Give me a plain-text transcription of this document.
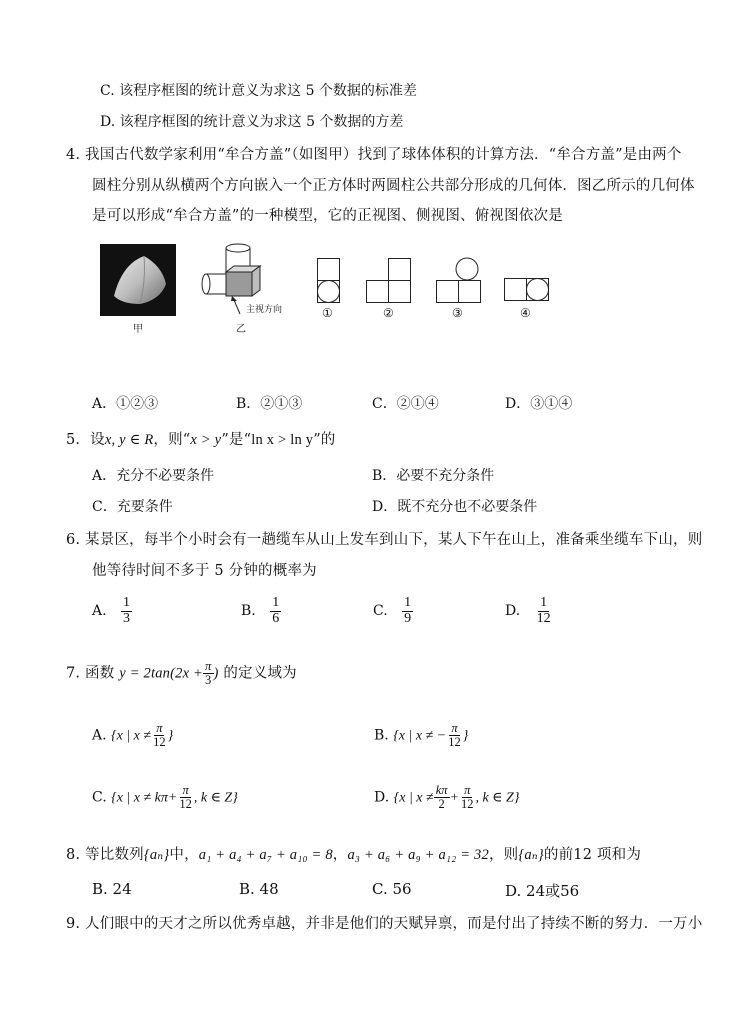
C. 该程序框图的统计意义为求这 5 个数据的标准差
D. 该程序框图的统计意义为求这 5 个数据的方差
4. 我国古代数学家利用“牟合方盖”（如图甲）找到了球体体积的计算方法．“牟合方盖”是由两个
圆柱分别从纵横两个方向嵌入一个正方体时两圆柱公共部分形成的几何体．图乙所示的几何体
是可以形成“牟合方盖”的一种模型，它的正视图、侧视图、俯视图依次是
甲
主视方向
乙
①	②	③	④
A．①②③	B．②①③	C．②①④	D．③①④
5．设x, y ∈ R，则“x > y”是“ln x > ln y”的
A．充分不必要条件	B．必要不充分条件
C．充要条件	D．既不充分也不必要条件
6. 某景区，每半个小时会有一趟缆车从山上发车到山下，某人下午在山上，准备乘坐缆车下山，则
他等待时间不多于 5 分钟的概率为
A. $\frac{1}{3}$	B. $\frac{1}{6}$	C. $\frac{1}{9}$	D. $\frac{1}{12}$
7. 函数 $y = 2\tan(2x + \frac{\pi}{3}$ ) 的定义域为
A. {x | $x \ne \frac{\pi}{12}$ }	B. {x | x ≠ − $\frac{\pi}{12}$ }
C. {x | $x \ne k\pi+ \frac{\pi}{12}$ , k ∈ Z}	D. {x | $x \ne \frac{k\pi}{2} + \frac{\pi}{12}$ , k ∈ Z}
8. 等比数列{aₙ}中，a₁ + a₄ + a₇ + a₁₀ = 8，a₃ + a₆ + a₉ + a₁₂ = 32，则{aₙ}的前12 项和为
B. 24	B. 48	C. 56	D. 24或56
9. 人们眼中的天才之所以优秀卓越，并非是他们的天赋异禀，而是付出了持续不断的努力．一万小
